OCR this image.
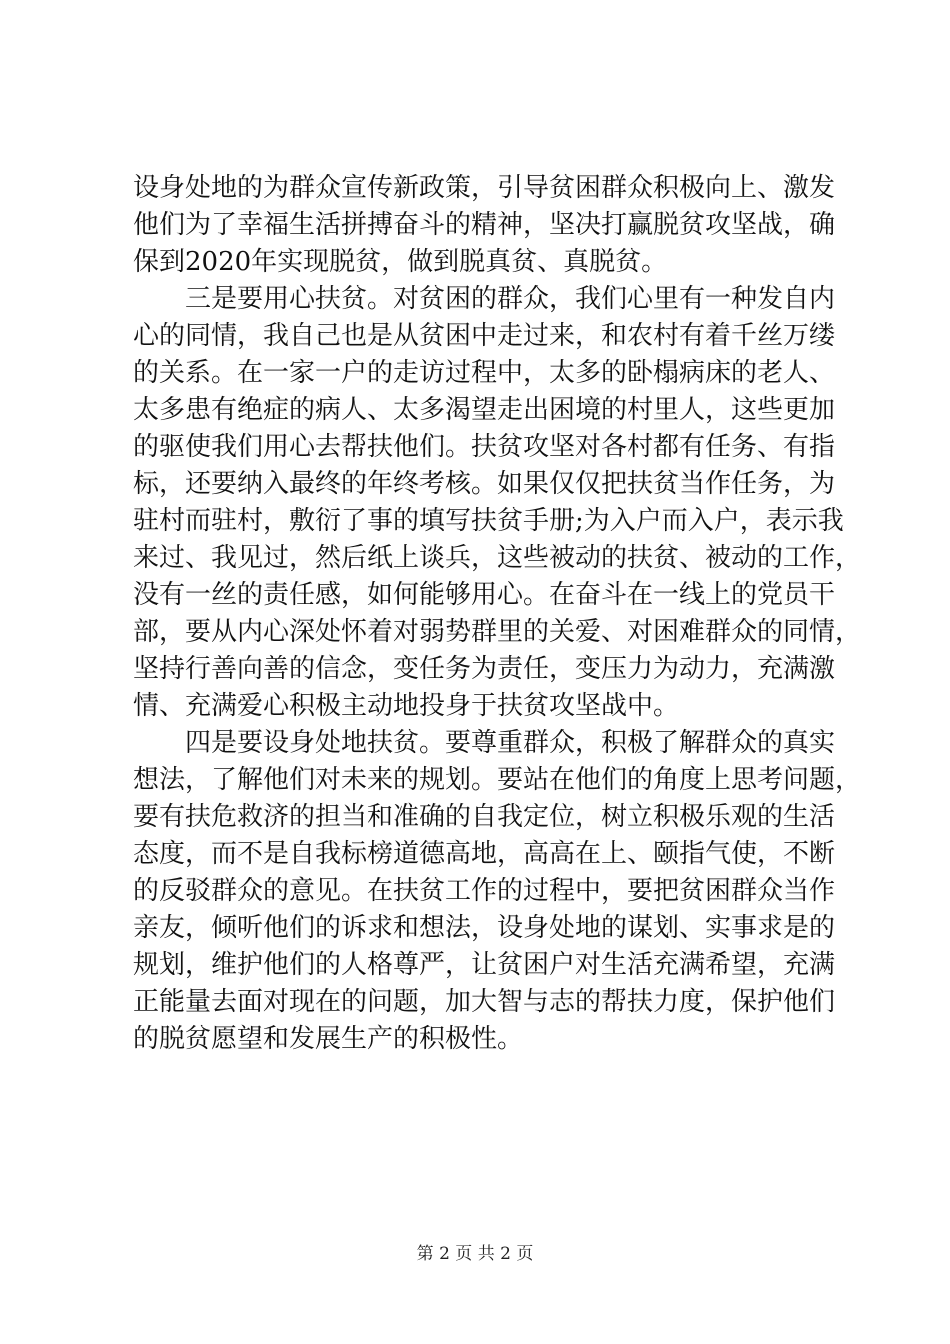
设身处地的为群众宣传新政策，引导贫困群众积极向上、激发
他们为了幸福生活拼搏奋斗的精神，坚决打赢脱贫攻坚战，确
保到2020年实现脱贫，做到脱真贫、真脱贫。
三是要用心扶贫。对贫困的群众，我们心里有一种发自内
心的同情，我自己也是从贫困中走过来，和农村有着千丝万缕
的关系。在一家一户的走访过程中，太多的卧榻病床的老人、
太多患有绝症的病人、太多渴望走出困境的村里人，这些更加
的驱使我们用心去帮扶他们。扶贫攻坚对各村都有任务、有指
标，还要纳入最终的年终考核。如果仅仅把扶贫当作任务，为
驻村而驻村，敷衍了事的填写扶贫手册;为入户而入户，表示我
来过、我见过，然后纸上谈兵，这些被动的扶贫、被动的工作，
没有一丝的责任感，如何能够用心。在奋斗在一线上的党员干
部，要从内心深处怀着对弱势群里的关爱、对困难群众的同情，
坚持行善向善的信念，变任务为责任，变压力为动力，充满激
情、充满爱心积极主动地投身于扶贫攻坚战中。
四是要设身处地扶贫。要尊重群众，积极了解群众的真实
想法，了解他们对未来的规划。要站在他们的角度上思考问题，
要有扶危救济的担当和准确的自我定位，树立积极乐观的生活
态度，而不是自我标榜道德高地，高高在上、颐指气使，不断
的反驳群众的意见。在扶贫工作的过程中，要把贫困群众当作
亲友，倾听他们的诉求和想法，设身处地的谋划、实事求是的
规划，维护他们的人格尊严，让贫困户对生活充满希望，充满
正能量去面对现在的问题，加大智与志的帮扶力度，保护他们
的脱贫愿望和发展生产的积极性。
第 2 页 共 2 页
